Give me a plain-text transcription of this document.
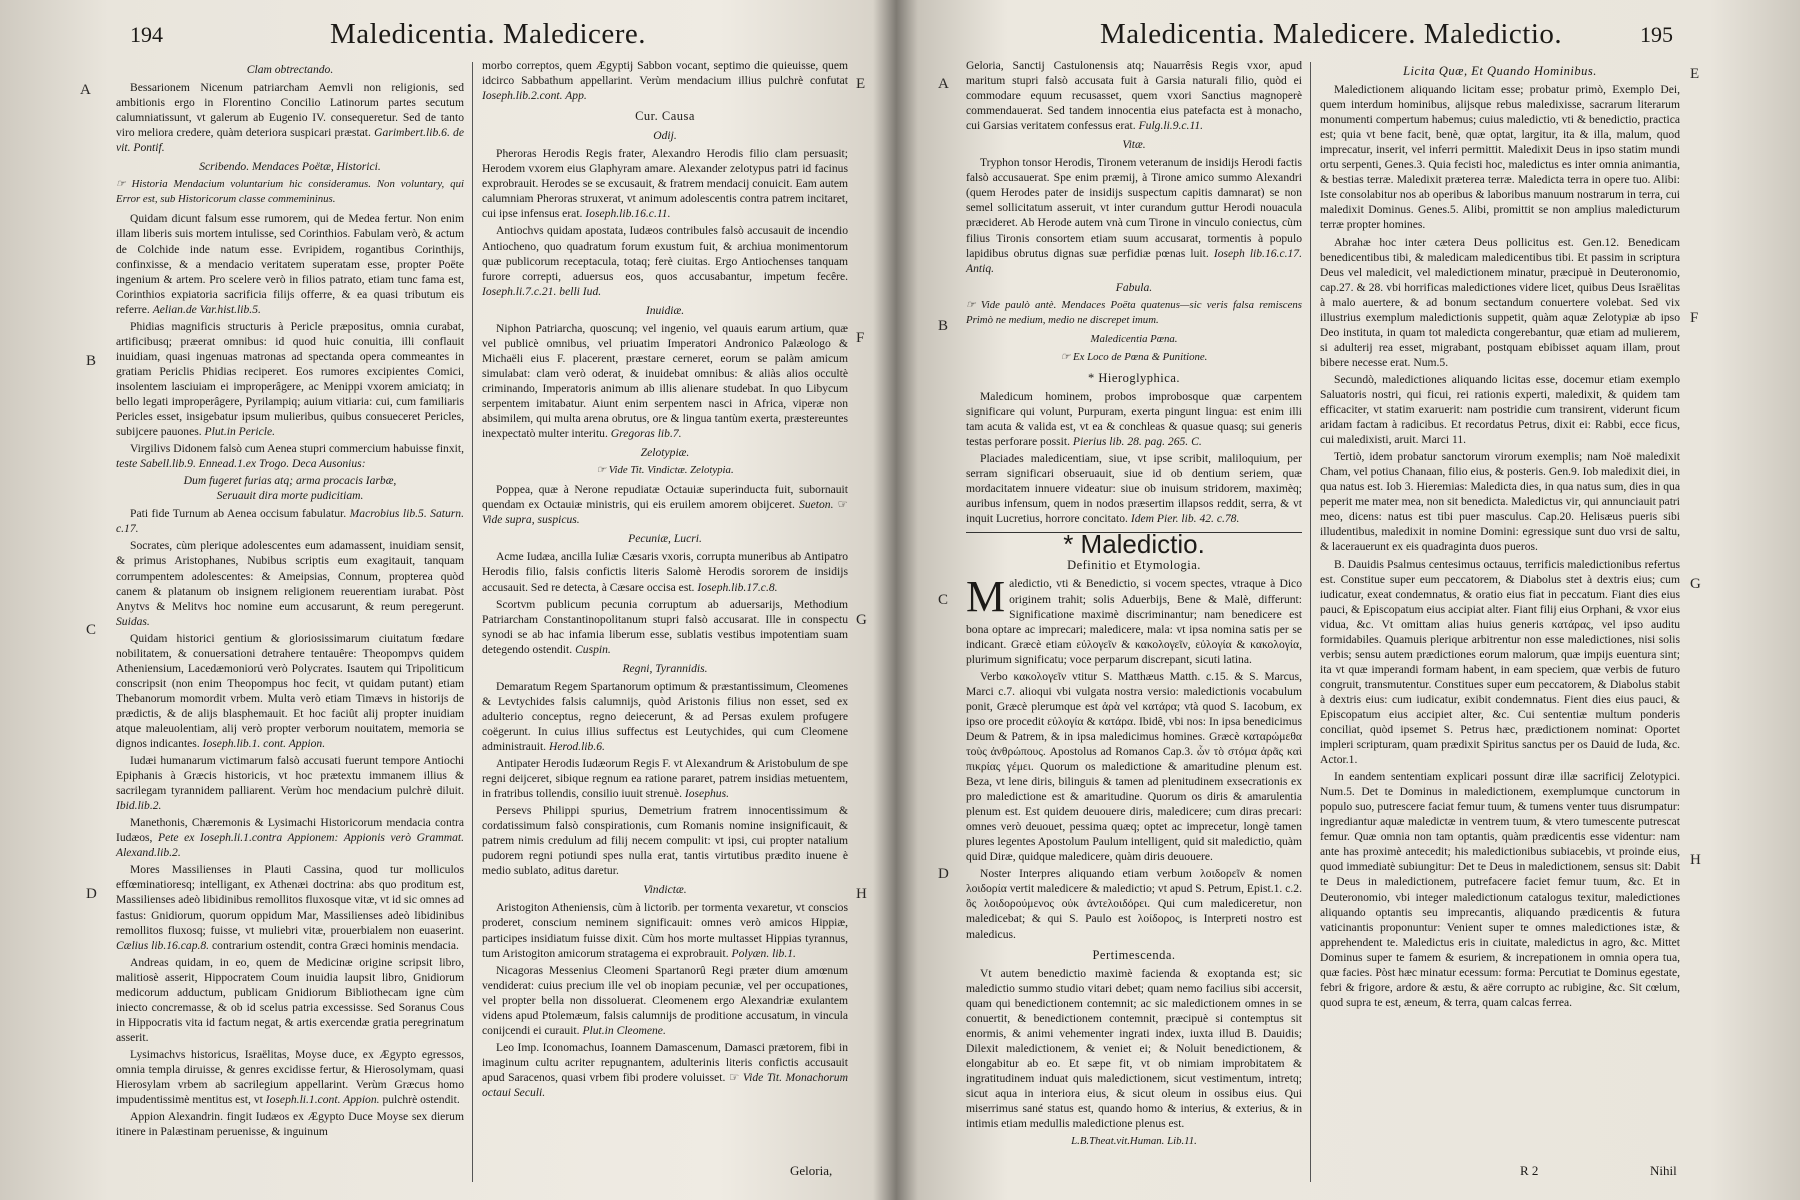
194	Maledicentia. Maledicere.
A
B
C
D
E
F
G
H
Clam obtrectando.

Bessarionem Nicenum patriarcham Aemvli non religionis, sed ambitionis ergo in Florentino Concilio Latinorum partes secutum calumniatissunt, vt galerum ab Eugenio IV. consequeretur. Sed de tanto viro meliora credere, quàm deteriora suspicari præstat. Garimbert.lib.6. de vit. Pontif.

Scribendo. Mendaces Poëtæ, Historici.
☞ Historia Mendacium voluntarium hic consideramus. Non voluntary, qui Error est, sub Historicorum classe commemininus.

Quidam dicunt falsum esse rumorem, qui de Medea fertur. Non enim illam liberis suis mortem intulisse, sed Corinthios. Fabulam verò, & actum de Colchide inde natum esse. Evripidem, rogantibus Corinthijs, confinxisse, & a mendacio veritatem superatam esse, propter Poëte ingenium & artem. Pro scelere verò in filios patrato, etiam tunc fama est, Corinthios expiatoria sacrificia filijs offerre, & ea quasi tributum eis referre. Aelian.de Var.hist.lib.5.

Phidias magnificis structuris à Pericle præpositus, omnia curabat, artificibusq; præerat omnibus: id quod huic conuitia, illi conflauit inuidiam, quasi ingenuas matronas ad spectanda opera commeantes in gratiam Periclis Phidias reciperet. Eos rumores excipientes Comici, insolentem lasciuiam ei improperâgere, ac Menippi vxorem amiciatq; in bello legati improperâgere, Pyrilampiq; auium vitiaria: cui, cum familiaris Pericles esset, insigebatur ipsum mulieribus, quibus consueceret Pericles, subijcere pauones. Plut.in Pericle.

Virgilivs Didonem falsò cum Aenea stupri commercium habuisse finxit, teste Sabell.lib.9. Ennead.1.ex Trogo. Deca Ausonius:

Dum fugeret furias atq; arma procacis Iarbæ,
Seruauit dira morte pudicitiam.

Pati fide Turnum ab Aenea occisum fabulatur. Macrobius lib.5. Saturn. c.17.

Socrates, cùm plerique adolescentes eum adamassent, inuidiam sensit, & primus Aristophanes, Nubibus scriptis eum exagitauit, tanquam corrumpentem adolescentes: & Ameipsias, Connum, propterea quòd canem & platanum ob insignem religionem reuerentiam iurabat. Pòst Anytvs & Melitvs hoc nomine eum accusarunt, & reum peregerunt. Suidas.

Quidam historici gentium & gloriosissimarum ciuitatum fœdare nobilitatem, & conuersationi detrahere tentauêre: Theopompvs quidem Atheniensium, Lacedæmoniorú verò Polycrates. Isautem qui Tripoliticum conscripsit (non enim Theopompus hoc fecit, vt quidam putant) etiam Thebanorum momordit vrbem. Multa verò etiam Timævs in historijs de prædictis, & de alijs blasphemauit. Et hoc faciût alij propter inuidiam atque maleuolentiam, alij verò propter verborum nouitatem, memoria se dignos indicantes. Ioseph.lib.1. cont. Appion.

Iudæi humanarum victimarum falsò accusati fuerunt tempore Antiochi Epiphanis à Græcis historicis, vt hoc prætextu immanem illius & sacrilegam tyrannidem palliarent. Verùm hoc mendacium pulchrè diluit. Ibid.lib.2.

Manethonis, Chæremonis & Lysimachi Historicorum mendacia contra Iudæos, Pete ex Ioseph.li.1.contra Appionem: Appionis verò Grammat. Alexand.lib.2.

Mores Massilienses in Plauti Cassina, quod tur molliculos effœminatioresq; intelligant, ex Athenæi doctrina: abs quo proditum est, Massilienses adeò libidinibus remollitos fluxosque vitæ, vt id sic omnes ad fastus: Gnidiorum, quorum oppidum Mar, Massilienses adeò libidinibus remollitos fluxosq; fuisse, vt muliebri vitæ, prouerbialem non euaserint. Cælius lib.16.cap.8. contrarium ostendit, contra Græci hominis mendacia.

Andreas quidam, in eo, quem de Medicinæ origine scripsit libro, malitiosè asserit, Hippocratem Coum inuidia laupsit libro, Gnidiorum medicorum adductum, publicam Gnidiorum Bibliothecam igne cùm iniecto concremasse, & ob id scelus patria excessisse. Sed Soranus Cous in Hippocratis vita id factum negat, & artis exercendæ gratia peregrinatum asserit.

Lysimachvs historicus, Israëlitas, Moyse duce, ex Ægypto egressos, omnia templa diruisse, & genres excidisse fertur, & Hierosolymam, quasi Hierosylam vrbem ab sacrilegium appellarint. Verùm Græcus homo impudentissimè mentitus est, vt Ioseph.li.1.cont. Appion. pulchrè ostendit.

Appion Alexandrin. fingit Iudæos ex Ægypto Duce Moyse sex dierum itinere in Palæstinam peruenisse, & inguinum

morbo correptos, quem Ægyptij Sabbon vocant, septimo die quieuisse, quem idcirco Sabbathum appellarint. Verùm mendacium illius pulchrè confutat Ioseph.lib.2.cont. App.

Cur. Causa
Odij.

Pheroras Herodis Regis frater, Alexandro Herodis filio clam persuasit; Herodem vxorem eius Glaphyram amare. Alexander zelotypus patri id facinus exprobrauit. Herodes se se excusauit, & fratrem mendacij conuicit. Eam autem calumniam Pheroras struxerat, vt animum adolescentis contra patrem incitaret, cui ipse infensus erat. Ioseph.lib.16.c.11.

Antiochvs quidam apostata, Iudæos contribules falsò accusauit de incendio Antiocheno, quo quadratum forum exustum fuit, & archiua monimentorum quæ publicorum receptacula, totaq; ferè ciuitas. Ergo Antiochenses tanquam furore correpti, aduersus eos, quos accusabantur, impetum fecêre. Ioseph.li.7.c.21. belli Iud.

Inuidiæ.

Niphon Patriarcha, quoscunq; vel ingenio, vel quauis earum artium, quæ vel publicè omnibus, vel priuatim Imperatori Andronico Palæologo & Michaëli eius F. placerent, præstare cerneret, eorum se palàm amicum simulabat: clam verò oderat, & inuidebat omnibus: & aliàs alios occultè criminando, Imperatoris animum ab illis alienare studebat. In quo Libycum serpentem imitabatur. Aiunt enim serpentem nasci in Africa, viperæ non absimilem, qui multa arena obrutus, ore & lingua tantùm exerta, præstereuntes inexpectatò multer interitu. Gregoras lib.7.

Zelotypiæ.
☞ Vide Tit. Vindictæ. Zelotypia.

Poppea, quæ à Nerone repudiatæ Octauiæ superinducta fuit, subornauit quendam ex Octauiæ ministris, qui eis eruilem amorem obijceret. Sueton. ☞ Vide supra, suspicus.

Pecuniæ, Lucri.

Acme Iudæa, ancilla Iuliæ Cæsaris vxoris, corrupta muneribus ab Antipatro Herodis filio, falsis confictis literis Salomè Herodis sororem de insidijs accusauit. Sed re detecta, à Cæsare occisa est. Ioseph.lib.17.c.8.

Scortvm publicum pecunia corruptum ab aduersarijs, Methodium Patriarcham Constantinopolitanum stupri falsò accusarat. Ille in conspectu synodi se ab hac infamia liberum esse, sublatis vestibus impotentiam suam detegendo ostendit. Cuspin.

Regni, Tyrannidis.

Demaratum Regem Spartanorum optimum & præstantissimum, Cleomenes & Levtychides falsis calumnijs, quòd Aristonis filius non esset, sed ex adulterio conceptus, regno deiecerunt, & ad Persas exulem profugere coëgerunt. In cuius illius suffectus est Leutychides, qui cum Cleomene administrauit. Herod.lib.6.

Antipater Herodis Iudæorum Regis F. vt Alexandrum & Aristobulum de spe regni deijceret, sibique regnum ea ratione pararet, patrem insidias metuentem, in fratribus tollendis, consilio iuuit strenuè. Iosephus.

Persevs Philippi spurius, Demetrium fratrem innocentissimum & cordatissimum falsò conspirationis, cum Romanis nomine insignificauit, & patrem nimis credulum ad filij necem compulit: vt ipsi, cui propter natalium pudorem regni potiundi spes nulla erat, tantis virtutibus prædito inuene è medio sublato, aditus daretur.

Vindictæ.

Aristogiton Atheniensis, cùm à lictorib. per tormenta vexaretur, vt conscios proderet, conscium neminem significauit: omnes verò amicos Hippiæ, participes insidiatum fuisse dixit. Cùm hos morte multasset Hippias tyrannus, tum Aristogiton amicorum stratagema ei exprobrauit. Polyæn. lib.1.

Nicagoras Messenius Cleomeni Spartanorû Regi præter dium amœnum vendiderat: cuius precium ille vel ob inopiam pecuniæ, vel per occupationes, vel propter bella non dissoluerat. Cleomenem ergo Alexandriæ exulantem videns apud Ptolemæum, falsis calumnijs de proditione accusatum, in vincula conijcendi ei curauit. Plut.in Cleomene.

Leo Imp. Iconomachus, Ioannem Damascenum, Damasci prætorem, fibi in imaginum cultu acriter repugnantem, adulterinis literis confictis accusauit apud Saracenos, quasi vrbem fibi prodere voluisset. ☞ Vide Tit. Monachorum octaui Seculi.

Geloria,
Maledicentia. Maledicere. Maledictio.	195
A
B
C
D
E
F
G
H

Geloria, Sanctij Castulonensis atq; Nauarrêsis Regis vxor, apud maritum stupri falsò accusata fuit à Garsia naturali filio, quòd ei commodare equum recusasset, quem vxori Sanctius magnoperè commendauerat. Sed tandem innocentia eius patefacta est à monacho, cui Garsias veritatem confessus erat. Fulg.li.9.c.11.

Vitæ.

Tryphon tonsor Herodis, Tironem veteranum de insidijs Herodi factis falsò accusauerat. Spe enim præmij, à Tirone amico summo Alexandri (quem Herodes pater de insidijs suspectum capitis damnarat) se non semel sollicitatum asseruit, vt inter curandum guttur Herodi nouacula præcideret. Ab Herode autem vnà cum Tirone in vinculo coniectus, cùm filius Tironis consortem etiam suum accusarat, tormentis à populo lapidibus obrutus dignas suæ perfidiæ pœnas luit. Ioseph lib.16.c.17. Antiq.

Fabula.
☞ Vide paulò antè. Mendaces Poëta quatenus—sic veris falsa remiscens Primò ne medium, medio ne discrepet imum.
Maledicentia Pœna.
☞ Ex Loco de Pœna & Punitione.
* Hieroglyphica.

Maledicum hominem, probos improbosque quæ carpentem significare qui volunt, Purpuram, exerta pingunt lingua: est enim illi tam acuta & valida est, vt ea & conchleas & quasue quasq; sui generis testas perforare possit. Pierius lib. 28. pag. 265. C.

Placiades maledicentiam, siue, vt ipse scribit, maliloquium, per serram significari obseruauit, siue id ob dentium seriem, quæ mordacitatem innuere videatur: siue ob inuisum stridorem, maximèq; auribus infensum, quem in nodos præsertim illapsos reddit, serra, & vt inquit Lucretius, horrore concitato. Idem Pier. lib. 42. c.78.

* Maledictio.
Definitio et Etymologia.

Maledictio, vti & Benedictio, si vocem spectes, vtraque à Dico originem trahit; solis Aduerbijs, Bene & Malè, differunt: Significatione maximè discriminantur; nam benedicere est bona optare ac imprecari; maledicere, mala: vt ipsa nomina satis per se indicant. Græcè etiam εὐλογεῖν & κακολογεῖν, εὐλογία & κακολογία, plurimum significatu; voce perparum discrepant, sicuti latina.

Verbo κακολογεῖν vtitur S. Matthæus Matth. c.15. & S. Marcus, Marci c.7. alioqui vbi vulgata nostra versio: maledictionis vocabulum ponit, Græcè plerumque est ἀρὰ vel κατάρα; vtà quod S. Iacobum, ex ipso ore procedit εὐλογία & κατάρα. Ibidê, vbi nos: In ipsa benedicimus Deum & Patrem, & in ipsa maledicimus homines. Græcè καταρώμεθα τοὺς ἀνθρώπους. Apostolus ad Romanos Cap.3. ὧν τὸ στόμα ἀρᾶς καὶ πικρίας γέμει. Quorum os maledictione & amaritudine plenum est. Beza, vt lene diris, bilinguis & tamen ad plenitudinem exsecrationis ex pro maledictione est & amaritudine. Quorum os diris & amarulentia plenum est. Est quidem deuouere diris, maledicere; cum diras precari: omnes verò deuouet, pessima quæq; optet ac imprecetur, longè tamen plures legentes Apostolum Paulum intelligent, quid sit maledictio, quàm quid Diræ, quidque maledicere, quàm diris deuouere.

Noster Interpres aliquando etiam verbum λοιδορεῖν & nomen λοιδορία vertit maledicere & maledictio; vt apud S. Petrum, Epist.1. c.2. ὃς λοιδορούμενος οὐκ ἀντελοιδόρει. Qui cum malediceretur, non maledicebat; & qui S. Paulo est λοίδορος, is Interpreti nostro est maledicus.

Pertimescenda.

Vt autem benedictio maximè facienda & exoptanda est; sic maledictio summo studio vitari debet; quam nemo facilius sibi accersit, quam qui benedictionem contemnit; ac sic maledictionem omnes in se conuertit, & benedictionem contemnit, præcipuè si contemptus sit enormis, & animi vehementer ingrati index, iuxta illud B. Dauidis; Dilexit maledictionem, & veniet ei; & Noluit benedictionem, & elongabitur ab eo. Et sæpe fit, vt ob nimiam improbitatem & ingratitudinem induat quis maledictionem, sicut vestimentum, intretq; sicut aqua in interiora eius, & sicut oleum in ossibus eius. Qui miserrimus sané status est, quando homo & interius, & exterius, & in intimis etiam medullis maledictione plenus est.

L.B.Theat.vit.Human. Lib.11.
Licita Quæ, Et Quando Hominibus.

Maledictionem aliquando licitam esse; probatur primò, Exemplo Dei, quem interdum hominibus, alijsque rebus maledixisse, sacrarum literarum monumenti compertum habemus; cuius maledictio, vti & benedictio, practica est; quia vt bene facit, benè, quæ optat, largitur, ita & illa, malum, quod imprecatur, inserit, vel inferri permittit. Maledixit Deus in ipso statim mundi ortu serpenti, Genes.3. Quia fecisti hoc, maledictus es inter omnia animantia, & bestias terræ. Maledixit præterea terræ. Maledicta terra in opere tuo. Alibi: Iste consolabitur nos ab operibus & laboribus manuum nostrarum in terra, cui maledixit Dominus. Genes.5. Alibi, promittit se non amplius maledicturum terræ propter homines.

Abrahæ hoc inter cætera Deus pollicitus est. Gen.12. Benedicam benedicentibus tibi, & maledicam maledicentibus tibi. Et passim in scriptura Deus vel maledicit, vel maledictionem minatur, præcipuè in Deuteronomio, cap.27. & 28. vbi horrificas maledictiones videre licet, quibus Deus Israëlitas à malo auertere, & ad bonum sectandum conuertere volebat. Sed vix illustrius exemplum maledictionis suppetit, quàm aquæ Zelotypiæ ab ipso Deo instituta, in quam tot maledicta congerebantur, quæ etiam ad mulierem, si adulterij rea esset, migrabant, postquam ebibisset aquam illam, prout bibere necesse erat. Num.5.

Secundò, maledictiones aliquando licitas esse, docemur etiam exemplo Saluatoris nostri, qui ficui, rei rationis experti, maledixit, & quidem tam efficaciter, vt statim exaruerit: nam postridie cum transirent, viderunt ficum aridam factam à radicibus. Et recordatus Petrus, dixit ei: Rabbi, ecce ficus, cui maledixisti, aruit. Marci 11.

Tertiò, idem probatur sanctorum virorum exemplis; nam Noë maledixit Cham, vel potius Chanaan, filio eius, & posteris. Gen.9. Iob maledixit diei, in qua natus est. Iob 3. Hieremias: Maledicta dies, in qua natus sum, dies in qua peperit me mater mea, non sit benedicta. Maledictus vir, qui annunciauit patri meo, dicens: natus est tibi puer masculus. Cap.20. Helisæus pueris sibi illudentibus, maledixit in nomine Domini: egressique sunt duo vrsi de saltu, & lacerauerunt ex eis quadraginta duos pueros.

B. Dauidis Psalmus centesimus octauus, terrificis maledictionibus refertus est. Constitue super eum peccatorem, & Diabolus stet à dextris eius; cum iudicatur, exeat condemnatus, & oratio eius fiat in peccatum. Fiant dies eius pauci, & Episcopatum eius accipiat alter. Fiant filij eius Orphani, & vxor eius vidua, &c. Vt omittam alias huius generis κατάρας, vel ipso auditu formidabiles. Quamuis plerique arbitrentur non esse maledictiones, nisi solis verbis; sensu autem prædictiones eorum malorum, quæ impijs euentura sint; ita vt quæ imperandi formam habent, in eam speciem, quæ verbis de futuro congruit, transmutentur. Constitues super eum peccatorem, & Diabolus stabit à dextris eius: cum iudicatur, exibit condemnatus. Fient dies eius pauci, & Episcopatum eius accipiet alter, &c. Cui sententiæ multum ponderis conciliat, quòd ipsemet S. Petrus hæc, prædictionem nominat: Oportet impleri scripturam, quam prædixit Spiritus sanctus per os Dauid de Iuda, &c. Actor.1.

In eandem sententiam explicari possunt diræ illæ sacrificij Zelotypici. Num.5. Det te Dominus in maledictionem, exemplumque cunctorum in populo suo, putrescere faciat femur tuum, & tumens venter tuus disrumpatur: ingrediantur aquæ maledictæ in ventrem tuum, & vtero tumescente putrescat femur. Quæ omnia non tam optantis, quàm prædicentis esse videntur: nam ante has proximè antecedit; his maledictionibus subiacebis, vt proinde eius, quod immediatè subiungitur: Det te Deus in maledictionem, sensus sit: Dabit te Deus in maledictionem, putrefacere faciet femur tuum, &c. Et in Deuteronomio, vbi integer maledictionum catalogus texitur, maledictiones aliquando optantis seu imprecantis, aliquando prædicentis & futura vaticinantis proponuntur: Venient super te omnes maledictiones istæ, & apprehendent te. Maledictus eris in ciuitate, maledictus in agro, &c. Mittet Dominus super te famem & esuriem, & increpationem in omnia opera tua, quæ facies. Pòst hæc minatur ecessum: forma: Percutiat te Dominus egestate, febri & frigore, ardore & æstu, & aëre corrupto ac rubigine, &c. Sit cœlum, quod supra te est, æneum, & terra, quam calcas ferrea.

R 2	Nihil
